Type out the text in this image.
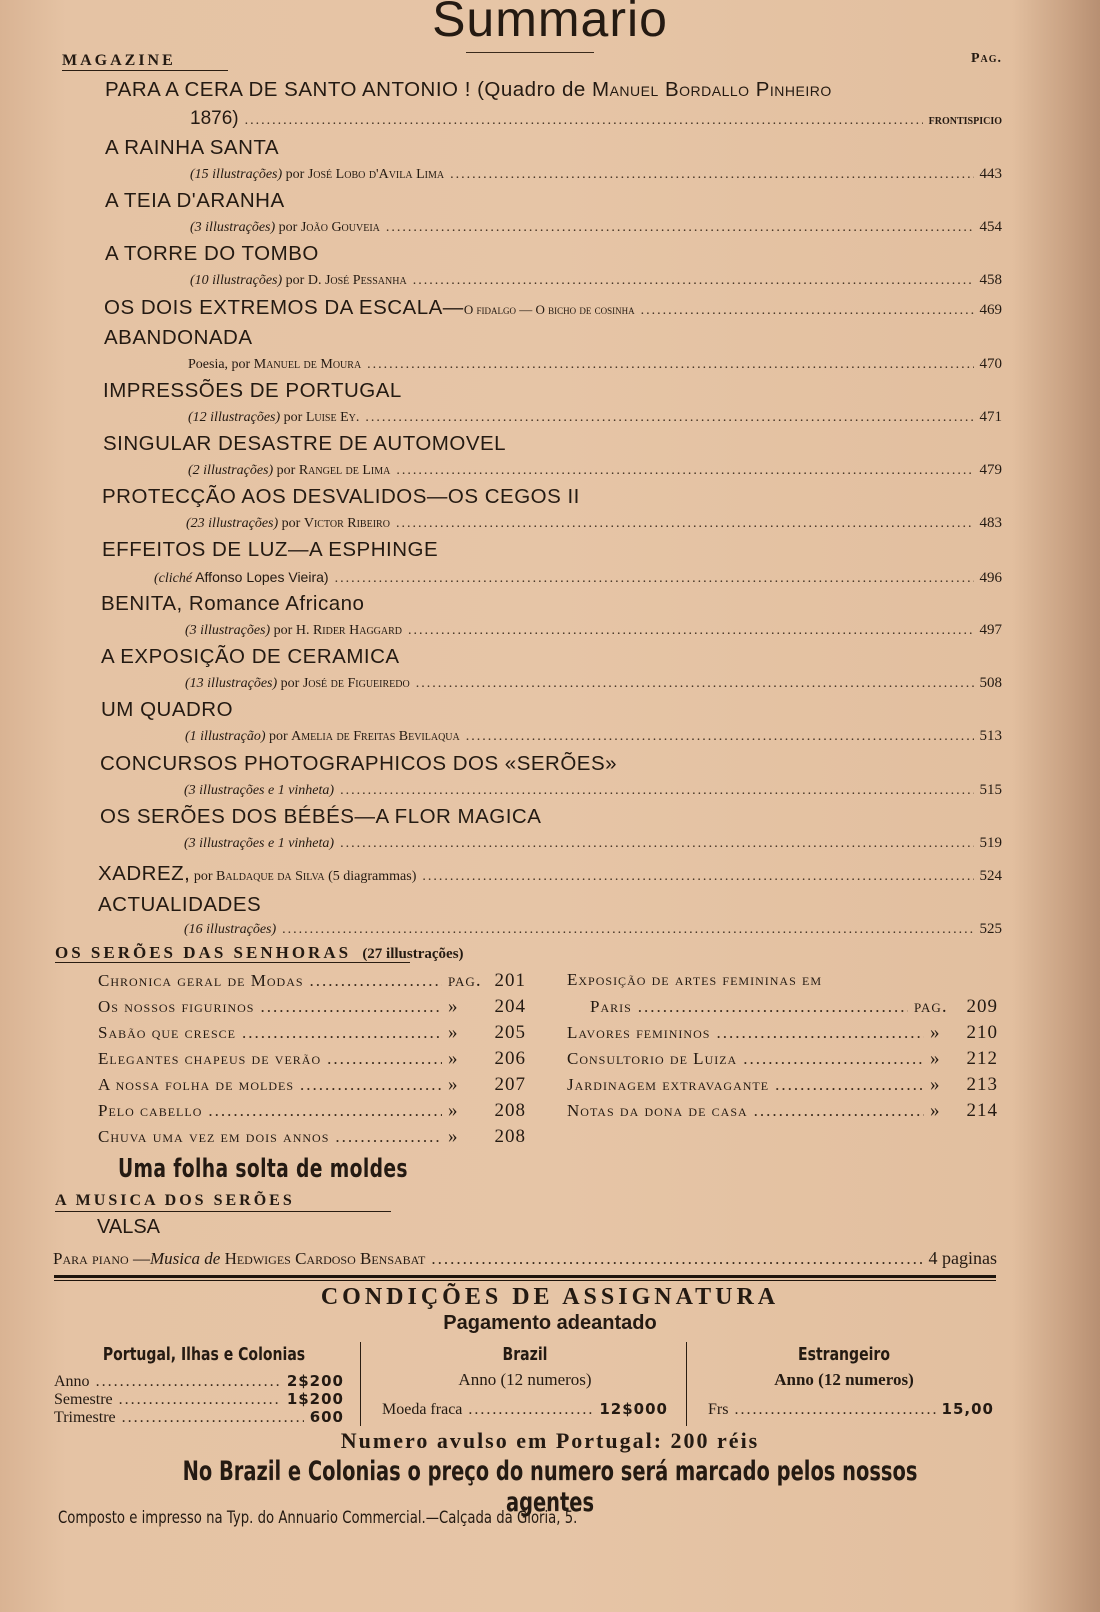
Summario
MAGAZINE	Pag.
PARA A CERA DE SANTO ANTONIO ! (Quadro de Manuel Bordallo Pinheiro
1876) .....	frontispicio
A RAINHA SANTA
(15 illustrações) por José Lobo d'Avila Lima .....	443
A TEIA D'ARANHA
(3 illustrações) por João Gouveia .....	454
A TORRE DO TOMBO
(10 illustrações) por D. José Pessanha .....	458
OS DOIS EXTREMOS DA ESCALA—O fidalgo — O bicho de cosinha .....	469
ABANDONADA
Poesia, por Manuel de Moura .....	470
IMPRESSÕES DE PORTUGAL
(12 illustrações) por Luise Ey. .....	471
SINGULAR DESASTRE DE AUTOMOVEL
(2 illustrações) por Rangel de Lima .....	479
PROTECÇÃO AOS DESVALIDOS—OS CEGOS II
(23 illustrações) por Victor Ribeiro .....	483
EFFEITOS DE LUZ—A ESPHINGE
(cliché Affonso Lopes Vieira) .....	496
BENITA, Romance Africano
(3 illustrações) por H. Rider Haggard .....	497
A EXPOSIÇÃO DE CERAMICA
(13 illustrações) por José de Figueiredo .....	508
UM QUADRO
(1 illustração) por Amelia de Freitas Bevilaqua .....	513
CONCURSOS PHOTOGRAPHICOS DOS «SERÕES»
(3 illustrações e 1 vinheta) .....	515
OS SERÕES DOS BÉBÉS—A FLOR MAGICA
(3 illustrações e 1 vinheta) .....	519
XADREZ, por Baldaque da Silva (5 diagrammas) .....	524
ACTUALIDADES
(16 illustrações) .....	525
OS SERÕES DAS SENHORAS (27 illustrações)
Chronica geral de Modas .....	pag. 201
Os nossos figurinos .....	» 204
Sabão que cresce .....	» 205
Elegantes chapeus de verão .....	» 206
A nossa folha de moldes .....	» 207
Pelo cabello .....	» 208
Chuva uma vez em dois annos .....	» 208
Exposição de artes femininas em
Paris .....	pag. 209
Lavores femininos .....	» 210
Consultorio de Luiza .....	» 212
Jardinagem extravagante .....	» 213
Notas da dona de casa .....	» 214
Uma folha solta de moldes
A MUSICA DOS SERÕES
VALSA
Para piano —Musica de Hedwiges Cardoso Bensabat .....	4 paginas
CONDIÇÕES DE ASSIGNATURA
Pagamento adeantado
Portugal, Ilhas e Colonias	Brazil	Estrangeiro
Anno .....	2$200
Semestre .....	1$200
Trimestre .....	600
Anno (12 numeros)
Moeda fraca .....	12$000
Anno (12 numeros)
Frs .....	15,00
Numero avulso em Portugal: 200 réis
No Brazil e Colonias o preço do numero será marcado pelos nossos agentes
Composto e impresso na Typ. do Annuario Commercial.—Calçada da Gloria, 5.
